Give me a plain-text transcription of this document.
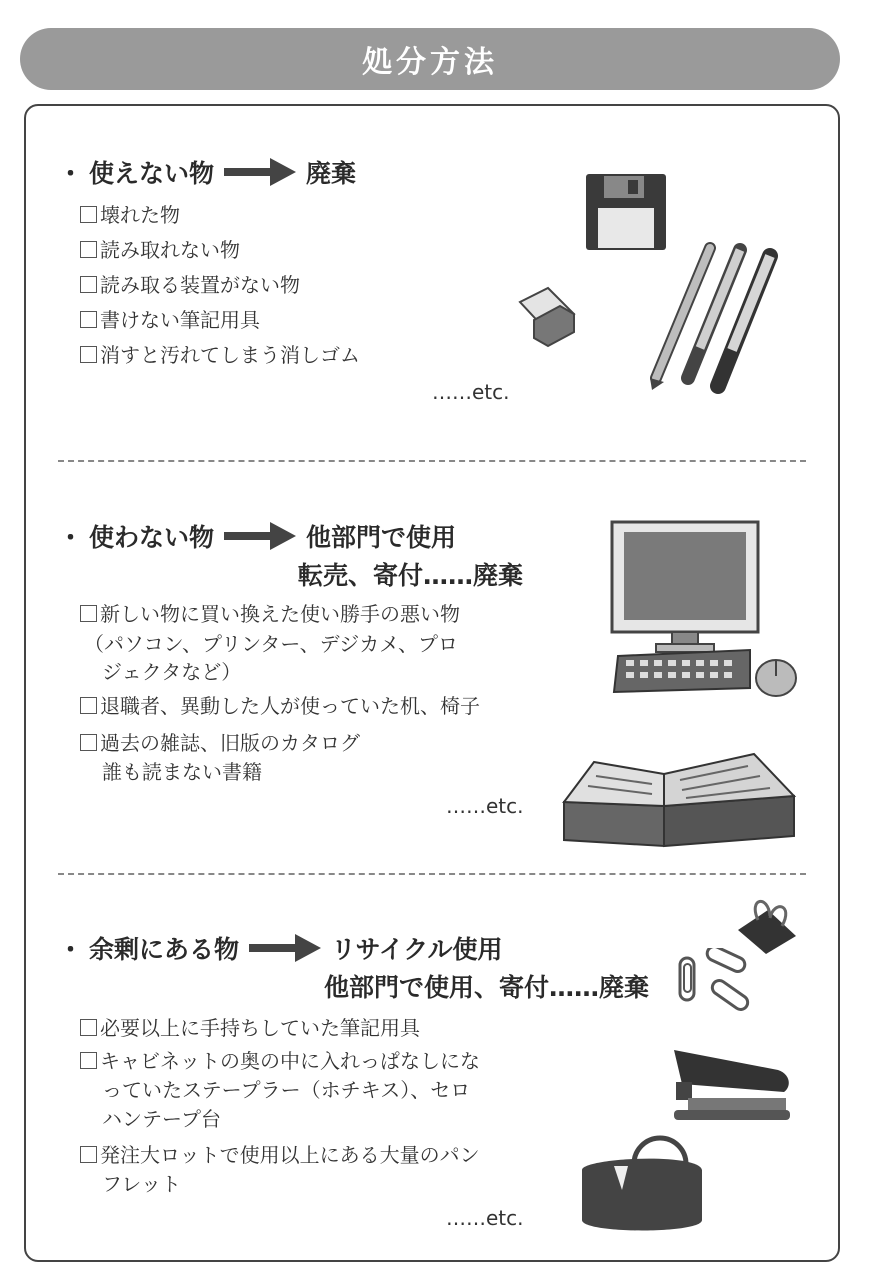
処分方法
・ 使えない物	廃棄
壊れた物
読み取れない物
読み取る装置がない物
書けない筆記用具
消すと汚れてしまう消しゴム
……etc.
・ 使わない物	他部門で使用
転売、寄付……廃棄
新しい物に買い換えた使い勝手の悪い物
（パソコン、プリンター、デジカメ、プロ
ジェクタなど）
退職者、異動した人が使っていた机、椅子
過去の雑誌、旧版のカタログ
誰も読まない書籍
……etc.
・ 余剰にある物	リサイクル使用
他部門で使用、寄付……廃棄
必要以上に手持ちしていた筆記用具
キャビネットの奥の中に入れっぱなしにな
っていたステープラー（ホチキス）、セロ
ハンテープ台
発注大ロットで使用以上にある大量のパン
フレット
……etc.
